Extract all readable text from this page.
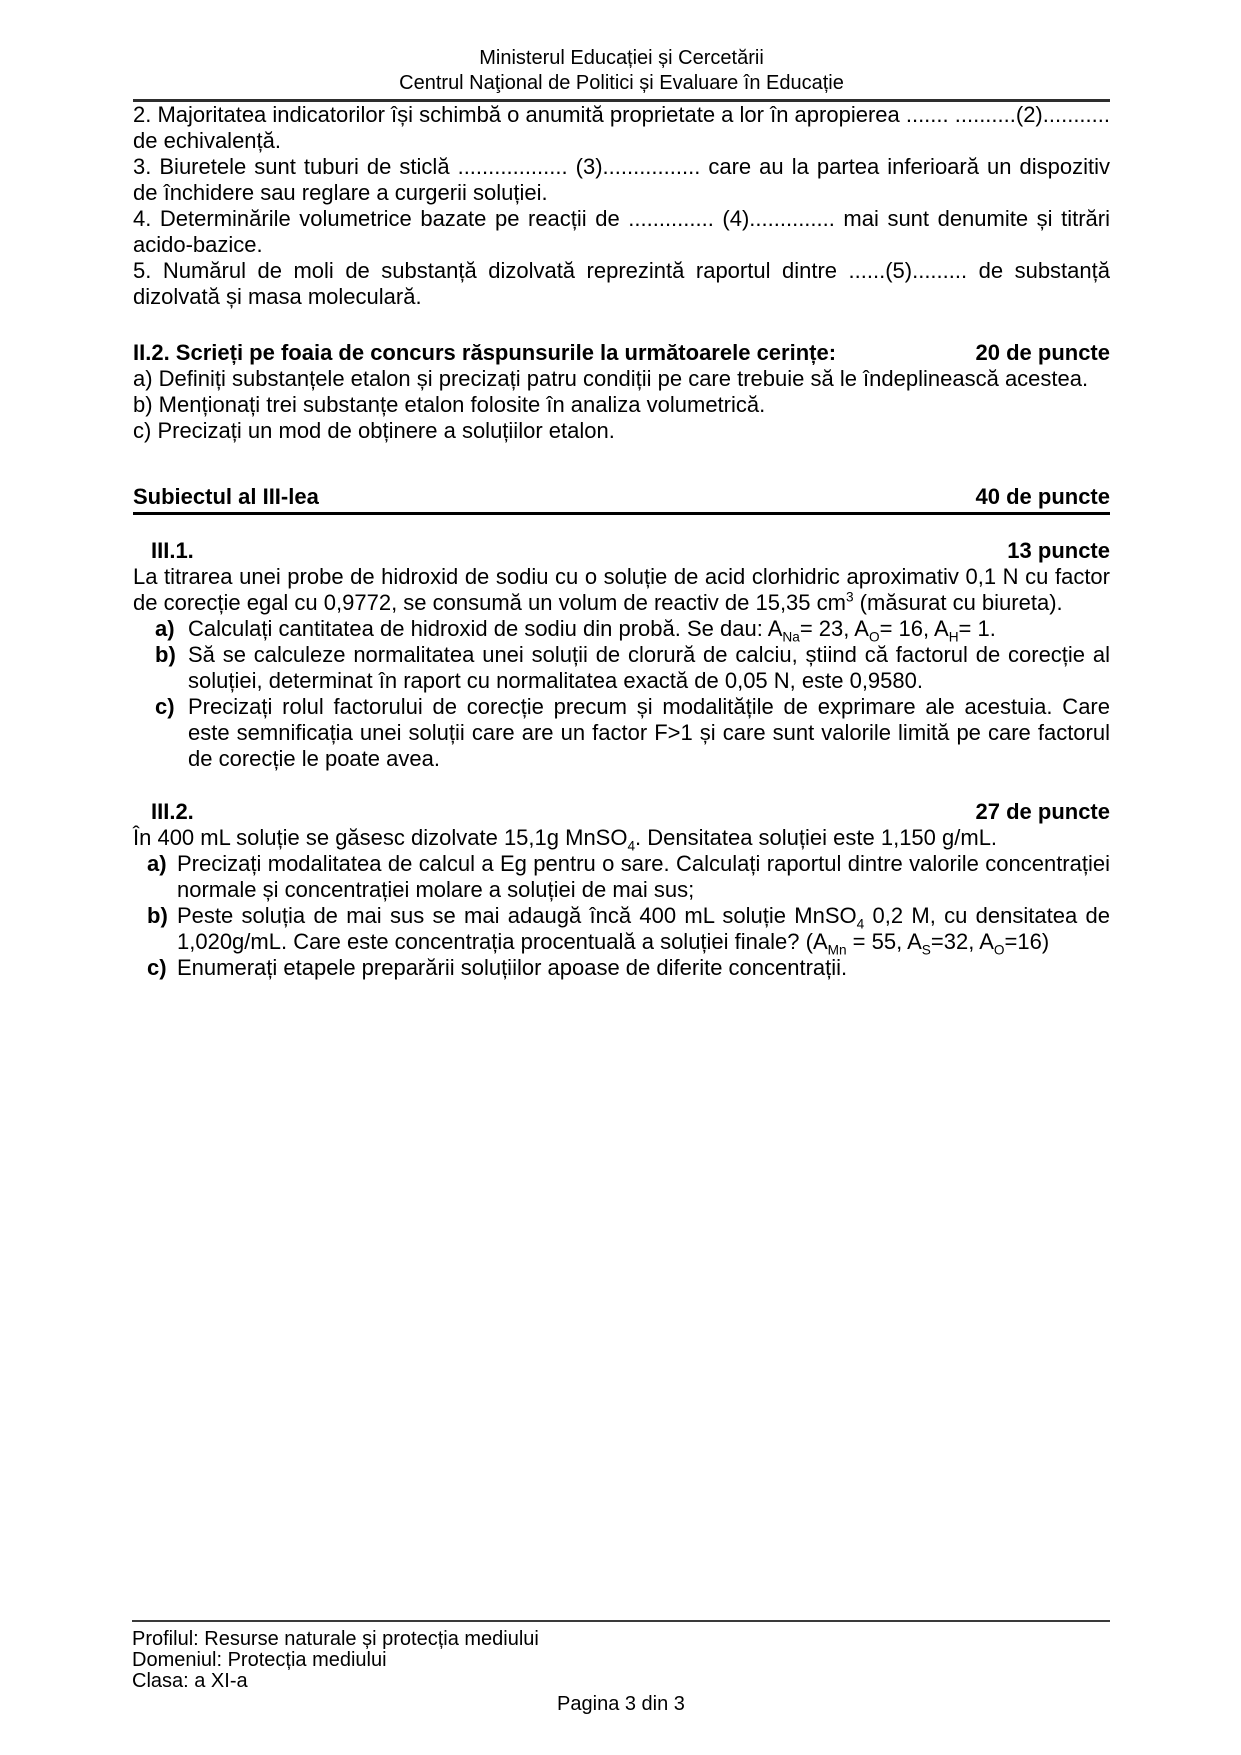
Ministerul Educației și Cercetării
Centrul Naţional de Politici și Evaluare în Educație

2. Majoritatea indicatorilor își schimbă o anumită proprietate a lor în apropierea ....... ..........(2)........... de echivalență.

3. Biuretele sunt tuburi de sticlă .................. (3)................ care au la partea inferioară un dispozitiv de închidere sau reglare a curgerii soluției.

4. Determinările volumetrice bazate pe reacții de .............. (4).............. mai sunt denumite și titrări acido-bazice.

5. Numărul de moli de substanță dizolvată reprezintă raportul dintre ......(5)......... de substanță dizolvată și masa moleculară.

II.2. Scrieți pe foaia de concurs răspunsurile la următoarele cerințe:	20 de puncte

a) Definiți substanțele etalon și precizați patru condiții pe care trebuie să le îndeplinească acestea.

b) Menționați trei substanțe etalon folosite în analiza volumetrică.

c) Precizați un mod de obținere a soluțiilor etalon.

Subiectul al III-lea	40 de puncte
III.1.	13 puncte

La titrarea unei probe de hidroxid de sodiu cu o soluție de acid clorhidric aproximativ 0,1 N cu factor de corecție egal cu 0,9772, se consumă un volum de reactiv de 15,35 $cm^3$ (măsurat cu biureta).

a) Calculați cantitatea de hidroxid de sodiu din probă. Se dau: $A_{Na}= 23$, $A_O= 16$, $A_H= 1$.
b) Să se calculeze normalitatea unei soluții de clorură de calciu, știind că factorul de corecție al soluției, determinat în raport cu normalitatea exactă de 0,05 N, este 0,9580.
c) Precizați rolul factorului de corecție precum și modalitățile de exprimare ale acestuia. Care este semnificația unei soluții care are un factor F>1 și care sunt valorile limită pe care factorul de corecție le poate avea.
III.2.	27 de puncte

În 400 mL soluție se găsesc dizolvate 15,1g MnSO$_4$. Densitatea soluției este 1,150 g/mL.

a) Precizați modalitatea de calcul a Eg pentru o sare. Calculați raportul dintre valorile concentrației normale și concentrației molare a soluției de mai sus;
b) Peste soluția de mai sus se mai adaugă încă 400 mL soluție MnSO$_4$ 0,2 M, cu densitatea de 1,020g/mL. Care este concentrația procentuală a soluției finale? ($A_{Mn} = 55$, $A_S=32$, $A_O=16$)
c) Enumerați etapele preparării soluțiilor apoase de diferite concentrații.
Profilul: Resurse naturale și protecția mediului
Domeniul: Protecția mediului
Clasa: a XI-a
Pagina 3 din 3
